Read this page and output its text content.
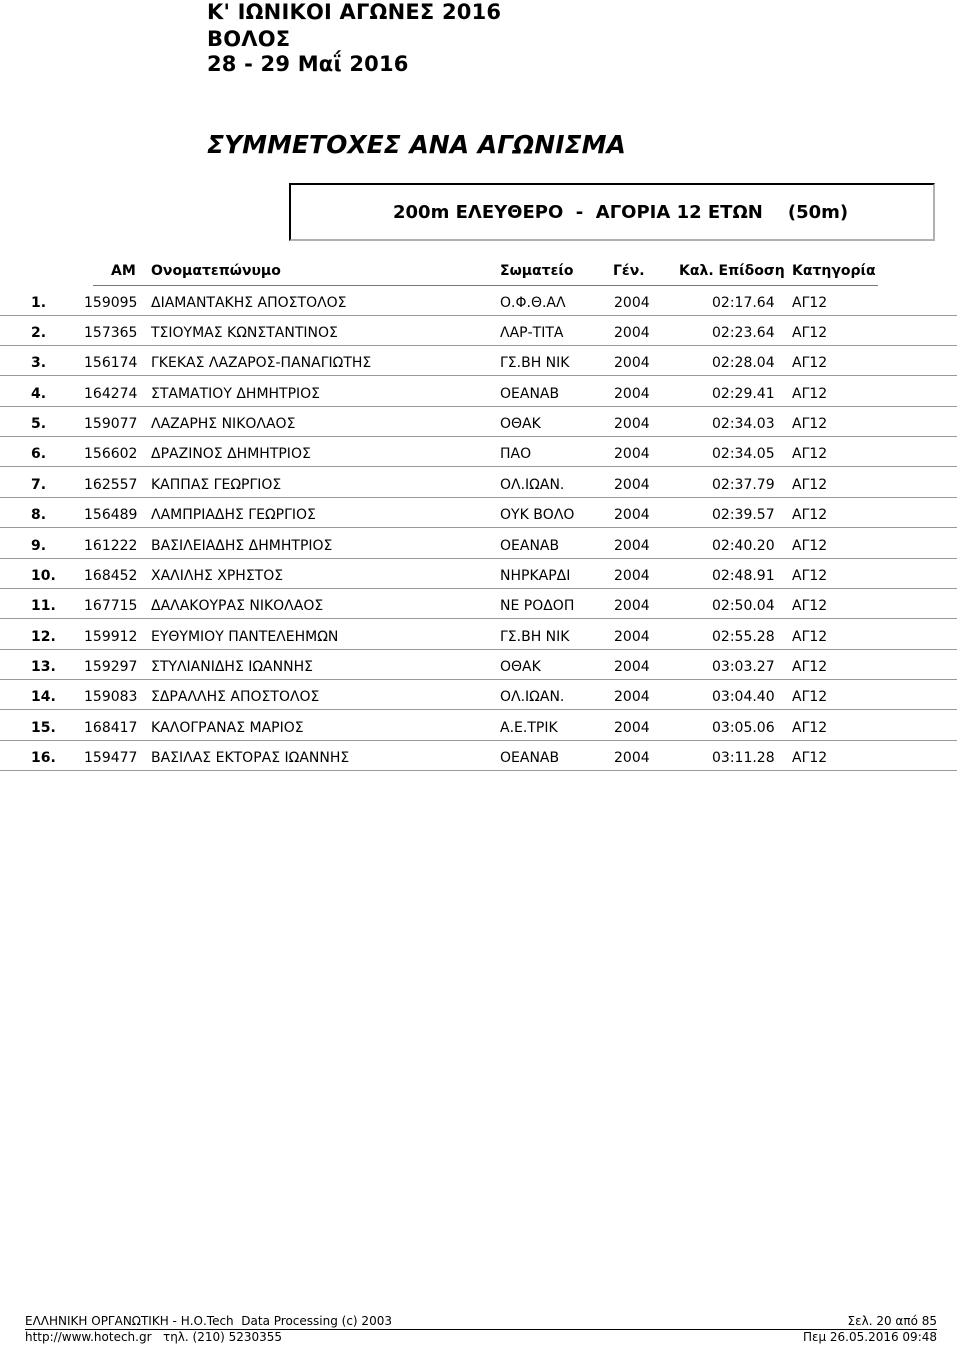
Κ' ΙΩΝΙΚΟΙ ΑΓΩΝΕΣ 2016
ΒΟΛΟΣ
28 - 29 Μαΐ 2016
ΣΥΜΜΕΤΟΧΕΣ ΑΝΑ ΑΓΩΝΙΣΜΑ
200m ΕΛΕΥΘΕΡΟ  -  ΑΓΟΡΙΑ 12 ΕΤΩΝ    (50m)
AM Ονοματεπώνυμο	Σωματείο	Γέν. Καλ. Επίδοση Κατηγορία
1.	159095 ΔΙΑΜΑΝΤΑΚΗΣ ΑΠΟΣΤΟΛΟΣ	Ο.Φ.Θ.ΑΛ	2004	02:17.64 ΑΓ12
2.	157365 ΤΣΙΟΥΜΑΣ ΚΩΝΣΤΑΝΤΙΝΟΣ	ΛΑΡ-ΤΙΤΑ	2004	02:23.64 ΑΓ12
3.	156174 ΓΚΕΚΑΣ ΛΑΖΑΡΟΣ-ΠΑΝΑΓΙΩΤΗΣ	ΓΣ.ΒΗ ΝΙΚ	2004	02:28.04 ΑΓ12
4.	164274 ΣΤΑΜΑΤΙΟΥ ΔΗΜΗΤΡΙΟΣ	ΟΕΑΝΑΒ	2004	02:29.41 ΑΓ12
5.	159077 ΛΑΖΑΡΗΣ ΝΙΚΟΛΑΟΣ	ΟΘΑΚ	2004	02:34.03 ΑΓ12
6.	156602 ΔΡΑΖΙΝΟΣ ΔΗΜΗΤΡΙΟΣ	ΠΑΟ	2004	02:34.05 ΑΓ12
7.	162557 ΚΑΠΠΑΣ ΓΕΩΡΓΙΟΣ	ΟΛ.ΙΩΑΝ.	2004	02:37.79 ΑΓ12
8.	156489 ΛΑΜΠΡΙΑΔΗΣ ΓΕΩΡΓΙΟΣ	ΟΥΚ ΒΟΛΟ	2004	02:39.57 ΑΓ12
9.	161222 ΒΑΣΙΛΕΙΑΔΗΣ ΔΗΜΗΤΡΙΟΣ	ΟΕΑΝΑΒ	2004	02:40.20 ΑΓ12
10. 168452 ΧΑΛΙΛΗΣ ΧΡΗΣΤΟΣ	ΝΗΡΚΑΡΔΙ	2004	02:48.91 ΑΓ12
11. 167715 ΔΑΛΑΚΟΥΡΑΣ ΝΙΚΟΛΑΟΣ	ΝΕ ΡΟΔΟΠ	2004	02:50.04 ΑΓ12
12. 159912 ΕΥΘΥΜΙΟΥ ΠΑΝΤΕΛΕΗΜΩΝ	ΓΣ.ΒΗ ΝΙΚ	2004	02:55.28 ΑΓ12
13. 159297 ΣΤΥΛΙΑΝΙΔΗΣ ΙΩΑΝΝΗΣ	ΟΘΑΚ	2004	03:03.27 ΑΓ12
14. 159083 ΣΔΡΑΛΛΗΣ ΑΠΟΣΤΟΛΟΣ	ΟΛ.ΙΩΑΝ.	2004	03:04.40 ΑΓ12
15. 168417 ΚΑΛΟΓΡΑΝΑΣ ΜΑΡΙΟΣ	Α.Ε.ΤΡΙΚ	2004	03:05.06 ΑΓ12
16. 159477 ΒΑΣΙΛΑΣ ΕΚΤΟΡΑΣ ΙΩΑΝΝΗΣ	ΟΕΑΝΑΒ	2004	03:11.28 ΑΓ12
ΕΛΛΗΝΙΚΗ ΟΡΓΑΝΩΤΙΚΗ - Η.Ο.Tech  Data Processing (c) 2003
http://www.hotech.gr   τηλ. (210) 5230355
Σελ. 20 από 85
Πεμ 26.05.2016 09:48
